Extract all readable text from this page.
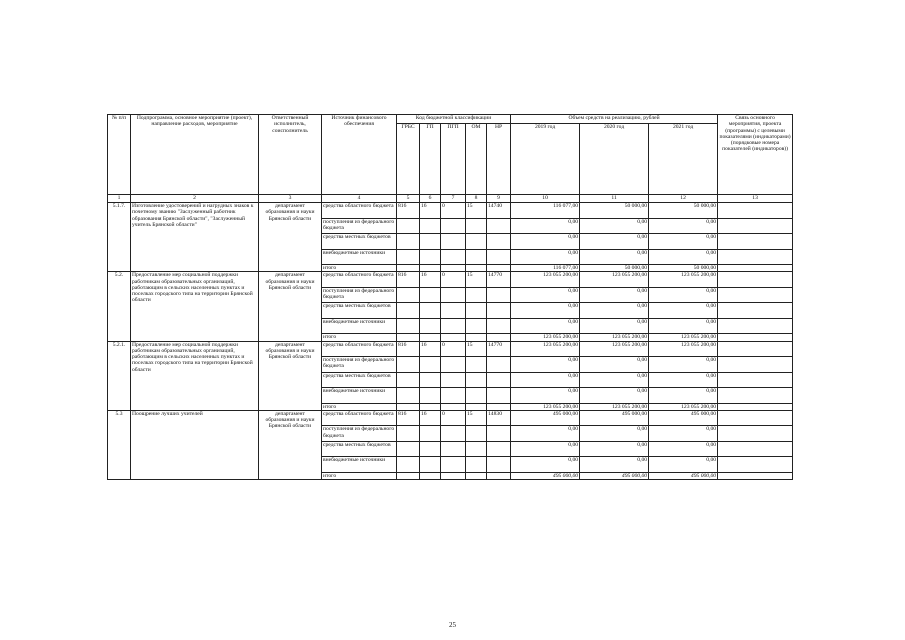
№ п/п	Подпрограмма, основное мероприятие (проект), направление расходов, мероприятие	Ответственный исполнитель, соисполнитель	Источник финансового обеспечения	Код бюджетной классификации					Объем средств на реализацию, рублей			Связь основного мероприятия, проекта (программы) с целевыми показателями (индикаторами) (порядковые номера показателей (индикаторов))
				ГРБС	ГП	ПГП	ОМ	НР	2019 год	2020 год	2021 год	
1	2	3	4	5	6	7	8	9	10	11	12	13
5.1.7.	Изготовление удостоверений и нагрудных знаков к почетному званию "Заслуженный работник образования Брянской области", "Заслуженный учитель Брянской области"	департамент образования и науки Брянской области	средства областного бюджета	816	16	0	15	14740	116 077,00	50 000,00	50 000,00	
			поступления из федерального бюджета						0,00	0,00	0,00	
			средства местных бюджетов						0,00	0,00	0,00	
			внебюджетные источники						0,00	0,00	0,00	
			итого						116 077,00	50 000,00	50 000,00	
5.2.	Предоставление мер социальной поддержки работникам образовательных организаций, работающим в сельских населенных пунктах и поселках городского типа на территории Брянской области	департамент образования и науки Брянской области	средства областного бюджета	816	16	0	15	14770	123 055 200,00	123 055 200,00	123 055 200,00	
			поступления из федерального бюджета						0,00	0,00	0,00	
			средства местных бюджетов						0,00	0,00	0,00	
			внебюджетные источники						0,00	0,00	0,00	
			итого						123 055 200,00	123 055 200,00	123 055 200,00	
5.2.1.	Предоставление мер социальной поддержки работникам образовательных организаций, работающим в сельских населенных пунктах и поселках городского типа на территории Брянской области	департамент образования и науки Брянской области	средства областного бюджета	816	16	0	15	14770	123 055 200,00	123 055 200,00	123 055 200,00	
			поступления из федерального бюджета						0,00	0,00	0,00	
			средства местных бюджетов						0,00	0,00	0,00	
			внебюджетные источники						0,00	0,00	0,00	
			итого						123 055 200,00	123 055 200,00	123 055 200,00	
5.3	Поощрение лучших учителей	департамент образования и науки Брянской области	средства областного бюджета	816	16	0	15	14830	495 000,00	495 000,00	495 000,00	
			поступления из федерального бюджета						0,00	0,00	0,00	
			средства местных бюджетов						0,00	0,00	0,00	
			внебюджетные источники						0,00	0,00	0,00	
			итого						495 000,00	495 000,00	495 000,00	
25
